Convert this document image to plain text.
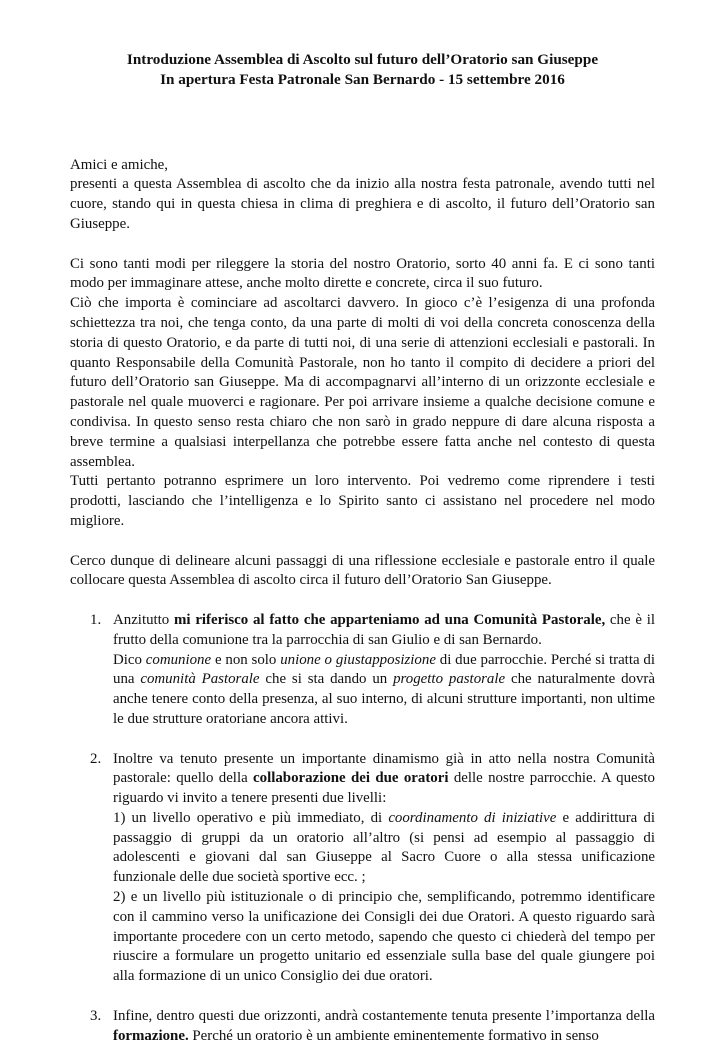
Introduzione Assemblea di Ascolto sul futuro dell’Oratorio san Giuseppe
In apertura Festa Patronale San Bernardo - 15 settembre 2016

Amici e amiche,

presenti a questa Assemblea di ascolto che da inizio alla nostra festa patronale, avendo tutti nel cuore, stando qui in questa chiesa in clima di preghiera e di ascolto, il futuro dell’Oratorio san Giuseppe.

Ci sono tanti modi per rileggere la storia del nostro Oratorio, sorto 40 anni fa. E ci sono tanti modo per immaginare attese, anche molto dirette e concrete, circa il suo futuro.

Ciò che importa è cominciare ad ascoltarci davvero. In gioco c’è l’esigenza di una profonda schiettezza tra noi, che tenga conto, da una parte di molti di voi della concreta conoscenza della storia di questo Oratorio, e da parte di tutti noi, di una serie di attenzioni ecclesiali e pastorali. In quanto Responsabile della Comunità Pastorale, non ho tanto il compito di decidere a priori del futuro dell’Oratorio san Giuseppe. Ma di accompagnarvi all’interno di un orizzonte ecclesiale e pastorale nel quale muoverci e ragionare. Per poi arrivare insieme a qualche decisione comune e condivisa. In questo senso resta chiaro che non sarò in grado neppure di dare alcuna risposta a breve termine a qualsiasi interpellanza che potrebbe essere fatta anche nel contesto di questa assemblea.

Tutti pertanto potranno esprimere un loro intervento. Poi vedremo come riprendere i testi prodotti, lasciando che l’intelligenza e lo Spirito santo ci assistano nel procedere nel modo migliore.

Cerco dunque di delineare alcuni passaggi di una riflessione ecclesiale e pastorale entro il quale collocare questa Assemblea di ascolto circa il futuro dell’Oratorio San Giuseppe.

1. Anzitutto mi riferisco al fatto che apparteniamo ad una Comunità Pastorale, che è il frutto della comunione tra la parrocchia di san Giulio e di san Bernardo.

Dico comunione e non solo unione o giustapposizione di due parrocchie. Perché si tratta di una comunità Pastorale che si sta dando un progetto pastorale che naturalmente dovrà anche tenere conto della presenza, al suo interno, di alcuni strutture importanti, non ultime le due strutture oratoriane ancora attivi.

2. Inoltre va tenuto presente un importante dinamismo già in atto nella nostra Comunità pastorale: quello della collaborazione dei due oratori delle nostre parrocchie. A questo riguardo vi invito a tenere presenti due livelli:

1) un livello operativo e più immediato, di coordinamento di iniziative e addirittura di passaggio di gruppi da un oratorio all’altro (si pensi ad esempio al passaggio di adolescenti e giovani dal san Giuseppe al Sacro Cuore o alla stessa unificazione funzionale delle due società sportive ecc. ;

2) e un livello più istituzionale o di principio che, semplificando, potremmo identificare con il cammino verso la unificazione dei Consigli dei due Oratori. A questo riguardo sarà importante procedere con un certo metodo, sapendo che questo ci chiederà del tempo per riuscire a formulare un progetto unitario ed essenziale sulla base del quale giungere poi alla formazione di un unico Consiglio dei due oratori.

3. Infine, dentro questi due orizzonti, andrà costantemente tenuta presente l’importanza della formazione. Perché un oratorio è un ambiente eminentemente formativo in senso
